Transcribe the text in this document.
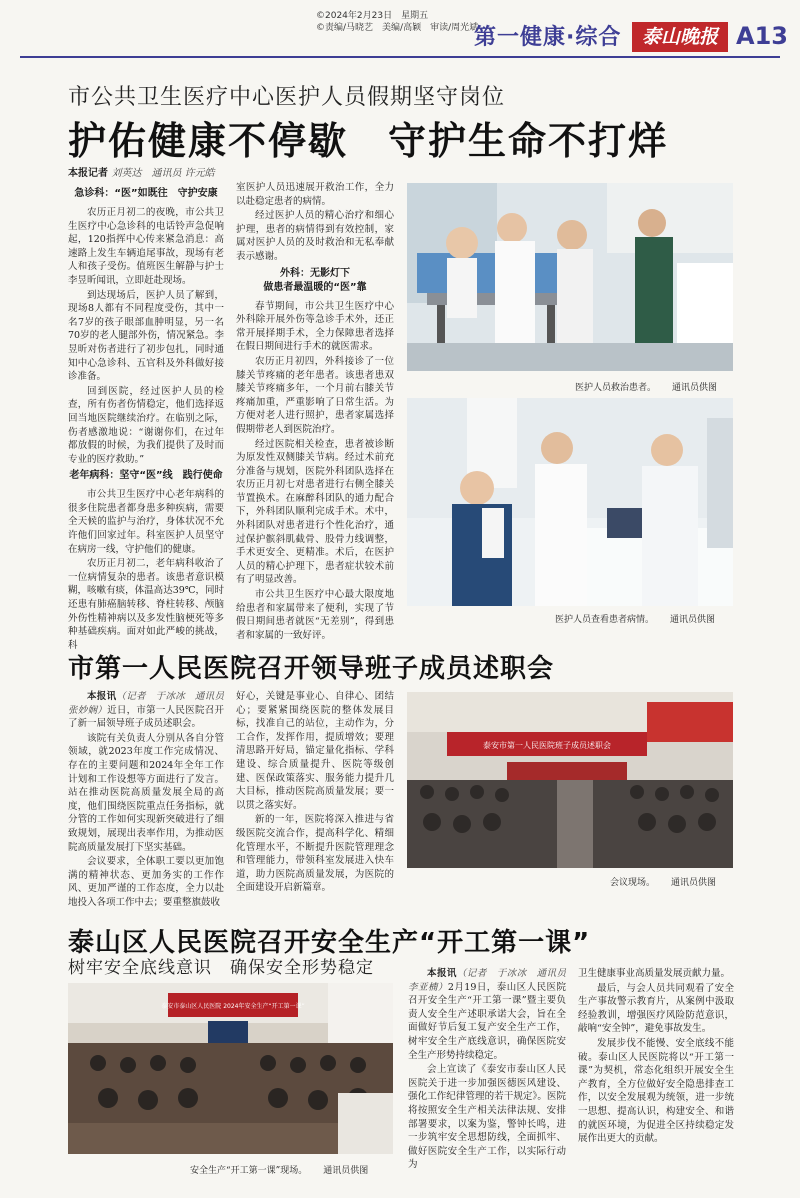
©2024年2月23日　星期五
©责编/马晓艺　美编/高颖　审读/周光斌
第一健康·综合	泰山晚报 A13
市公共卫生医疗中心医护人员假期坚守岗位
护佑健康不停歇　守护生命不打烊
本报记者 刘英达　通讯员 许元皓
急诊科：“医”如既往　守护安康

农历正月初二的夜晚，市公共卫生医疗中心急诊科的电话铃声急促响起，120指挥中心传来紧急消息：高速路上发生车辆追尾事故，现场有老人和孩子受伤。值班医生解静与护士李昱昕闻讯，立即赶赴现场。

到达现场后，医护人员了解到，现场8人都有不同程度受伤，其中一名7岁的孩子眼部血肿明显，另一名70岁的老人腿部外伤，情况紧急。李昱昕对伤者进行了初步包扎，同时通知中心急诊科、五官科及外科做好接诊准备。

回到医院，经过医护人员的检查，所有伤者伤情稳定，他们选择返回当地医院继续治疗。在临别之际，伤者感激地说：“谢谢你们，在过年都放假的时候，为我们提供了及时而专业的医疗救助。”

老年病科：坚守“医”线　践行使命

市公共卫生医疗中心老年病科的很多住院患者都身患多种疾病，需要全天候的监护与治疗，身体状况不允许他们回家过年。科室医护人员坚守在病房一线，守护他们的健康。

农历正月初二，老年病科收治了一位病情复杂的患者。该患者意识模糊，咳嗽有痰，体温高达39℃，同时还患有肺癌脑转移、脊柱转移、颅脑外伤性精神病以及多发性脑梗死等多种基础疾病。面对如此严峻的挑战，科

室医护人员迅速展开救治工作，全力以赴稳定患者的病情。

经过医护人员的精心治疗和细心护理，患者的病情得到有效控制，家属对医护人员的及时救治和无私奉献表示感谢。

外科：无影灯下
做患者最温暖的“医”靠

春节期间，市公共卫生医疗中心外科除开展外伤等急诊手术外，还正常开展择期手术，全力保障患者选择在假日期间进行手术的就医需求。

农历正月初四，外科接诊了一位膝关节疼痛的老年患者。该患者患双膝关节疼痛多年，一个月前右膝关节疼痛加重，严重影响了日常生活。为方便对老人进行照护，患者家属选择假期带老人到医院治疗。

经过医院相关检查，患者被诊断为原发性双侧膝关节病。经过术前充分准备与规划，医院外科团队选择在农历正月初七对患者进行右侧全膝关节置换术。在麻醉科团队的通力配合下，外科团队顺利完成手术。术中，外科团队对患者进行个性化治疗，通过保护髌斜肌截骨、股骨力线调整，手术更安全、更精准。术后，在医护人员的精心护理下，患者症状较术前有了明显改善。

市公共卫生医疗中心最大限度地给患者和家属带来了便利，实现了节假日期间患者就医“无差别”，得到患者和家属的一致好评。

医护人员救治患者。 通讯员供图
医护人员查看患者病情。 通讯员供图
市第一人民医院召开领导班子成员述职会

本报讯（记者　于冰冰　通讯员　张妙娴）近日，市第一人民医院召开了新一届领导班子成员述职会。

该院有关负责人分别从各自分管领域，就2023年度工作完成情况、存在的主要问题和2024年全年工作计划和工作设想等方面进行了发言。站在推动医院高质量发展全局的高度，他们围绕医院重点任务指标，就分管的工作如何实现新突破进行了细致规划，展现出表率作用，为推动医院高质量发展打下坚实基础。

会议要求，全体职工要以更加饱满的精神状态、更加务实的工作作风、更加严谨的工作态度，全力以赴地投入各项工作中去；要重整旗鼓收

好心，关键是事业心、自律心、团结心；要紧紧围绕医院的整体发展目标，找准自己的站位，主动作为，分工合作，发挥作用，提质增效；要理清思路开好局，锚定量化指标、学科建设、综合质量提升、医院等级创建、医保政策落实、服务能力提升几大目标，推动医院高质量发展；要一以贯之落实好。

新的一年，医院将深入推进与省级医院交流合作，提高科学化、精细化管理水平，不断提升医院管理理念和管理能力，带领科室发展进入快车道，助力医院高质量发展，为医院的全面建设开启新篇章。

泰安市第一人民医院班子成员述职会
会议现场。 通讯员供图
泰山区人民医院召开安全生产“开工第一课”
树牢安全底线意识　确保安全形势稳定
泰安市泰山区人民医院 2024年安全生产“开工第一课”
安全生产“开工第一课”现场。 通讯员供图

本报讯（记者　于冰冰　通讯员　李亚楠）2月19日，泰山区人民医院召开安全生产“开工第一课”暨主要负责人安全生产述职承诺大会，旨在全面做好节后复工复产安全生产工作，树牢安全生产底线意识，确保医院安全生产形势持续稳定。

会上宣读了《泰安市泰山区人民医院关于进一步加强医德医风建设、强化工作纪律管理的若干规定》。医院将按照安全生产相关法律法规、安排部署要求，以案为鉴，警钟长鸣，进一步筑牢安全思想防线，全面抓牢、做好医院安全生产工作，以实际行动为

卫生健康事业高质量发展贡献力量。

最后，与会人员共同观看了安全生产事故警示教育片，从案例中汲取经验教训，增强医疗风险防范意识，敲响“安全钟”，避免事故发生。

发展步伐不能慢、安全底线不能破。泰山区人民医院将以“开工第一课”为契机，常态化组织开展安全生产教育，全方位做好安全隐患排查工作，以安全发展观为统领，进一步统一思想、提高认识，构建安全、和谐的就医环境，为促进全区持续稳定发展作出更大的贡献。
